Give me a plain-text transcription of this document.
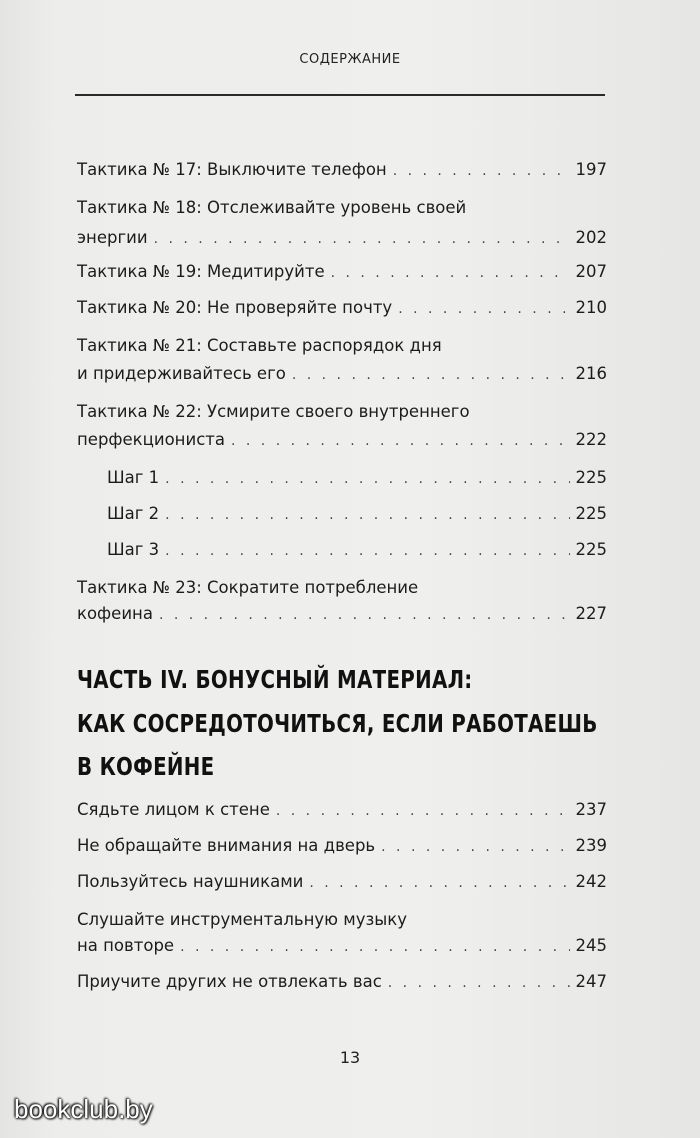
СОДЕРЖАНИЕ
Тактика № 17: Выключите телефон . . .	197
Тактика № 18: Отслеживайте уровень своей
энергии . . .	202
Тактика № 19: Медитируйте . . .	207
Тактика № 20: Не проверяйте почту . . .	210
Тактика № 21: Составьте распорядок дня
и придерживайтесь его . . .	216
Тактика № 22: Усмирите своего внутреннего
перфекциониста . . .	222
Шаг 1 . . .	225
Шаг 2 . . .	225
Шаг 3 . . .	225
Тактика № 23: Сократите потребление
кофеина . . .	227
ЧАСТЬ IV. БОНУСНЫЙ МАТЕРИАЛ:
КАК СОСРЕДОТОЧИТЬСЯ, ЕСЛИ РАБОТАЕШЬ
В КОФЕЙНЕ
Сядьте лицом к стене . . .	237
Не обращайте внимания на дверь . . .	239
Пользуйтесь наушниками . . .	242
Слушайте инструментальную музыку
на повторе . . .	245
Приучите других не отвлекать вас . . .	247
13
bookclub.by
